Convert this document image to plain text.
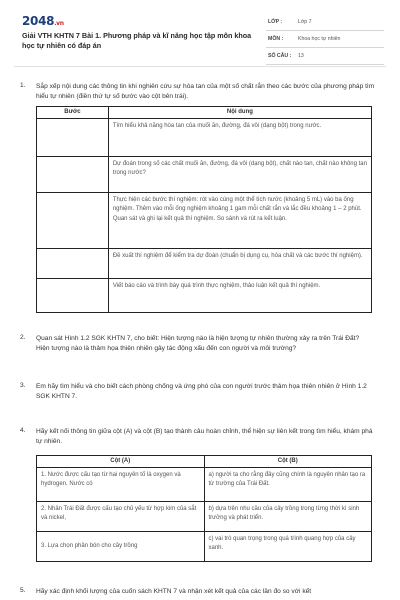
2048.vn
Giải VTH KHTN 7 Bài 1. Phương pháp và kĩ năng học tập môn khoa học tự nhiên có đáp án
LỚP :	Lớp 7
MÔN :	Khoa học tự nhiên
SỐ CÂU : 13
1. Sắp xếp nội dung các thông tin khi nghiên cứu sự hòa tan của một số chất rắn theo các bước của phương pháp tìm hiểu tự nhiên (điền thứ tự số bước vào cột bên trái).
Bước	Nội dung
	Tìm hiểu khả năng hòa tan của muối ăn, đường, đá vôi (dạng bột) trong nước.
	Dự đoán trong số các chất muối ăn, đường, đá vôi (dạng bột), chất nào tan, chất nào không tan trong nước?
	Thực hiện các bước thí nghiệm: rót vào cùng một thể tích nước (khoảng 5 mL) vào ba ống nghiệm. Thêm vào mỗi ống nghiệm khoảng 1 gam mỗi chất rắn và lắc đều khoảng 1 – 2 phút. Quan sát và ghi lại kết quả thí nghiệm. So sánh và rút ra kết luận.
	Đề xuất thí nghiệm để kiểm tra dự đoán (chuẩn bị dụng cụ, hóa chất và các bước thí nghiệm).
	Viết báo cáo và trình bày quá trình thực nghiệm, thảo luận kết quả thí nghiệm.
2. Quan sát Hình 1.2 SGK KHTN 7, cho biết: Hiện tượng nào là hiện tượng tự nhiên thường xảy ra trên Trái Đất?
Hiện tượng nào là thảm họa thiên nhiên gây tác động xấu đến con người và môi trường?
3. Em hãy tìm hiểu và cho biết cách phòng chống và ứng phó của con người trước thảm họa thiên nhiên ở Hình 1.2 SGK KHTN 7.
4. Hãy kết nối thông tin giữa cột (A) và cột (B) tạo thành câu hoàn chỉnh, thể hiện sự liên kết trong tìm hiểu, khám phá tự nhiên.
Cột (A)	Cột (B)
1. Nước được cấu tạo từ hai nguyên tố là oxygen và hydrogen. Nước có	a) người ta cho rằng đây cũng chính là nguyên nhân tạo ra từ trường của Trái Đất.
2. Nhân Trái Đất được cấu tạo chủ yếu từ hợp kim của sắt và nickel,	b) dựa trên nhu cầu của cây trồng trong từng thời kì sinh trưởng và phát triển.
3. Lựa chọn phân bón cho cây trồng	c) vai trò quan trọng trong quá trình quang hợp của cây xanh.
5. Hãy xác định khối lượng của cuốn sách KHTN 7 và nhận xét kết quả của các lần đo so với kết
